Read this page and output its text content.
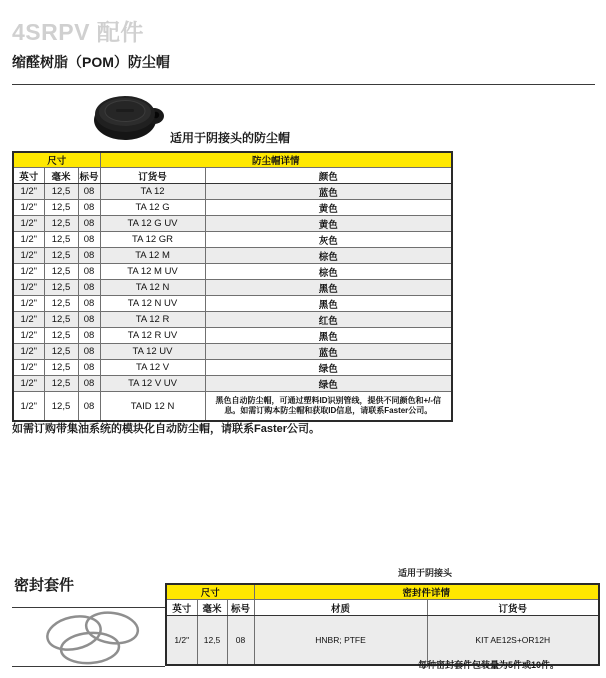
4SRPV 配件
缩醛树脂（POM）防尘帽
适用于阴接头的防尘帽
尺寸			防尘帽详情	
英寸	毫米	标号	订货号	颜色
1/2"	12,5	08	TA 12	蓝色
1/2"	12,5	08	TA 12 G	黄色
1/2"	12,5	08	TA 12 G UV	黄色
1/2"	12,5	08	TA 12 GR	灰色
1/2"	12,5	08	TA 12 M	棕色
1/2"	12,5	08	TA 12 M UV	棕色
1/2"	12,5	08	TA 12 N	黑色
1/2"	12,5	08	TA 12 N UV	黑色
1/2"	12,5	08	TA 12 R	红色
1/2"	12,5	08	TA 12 R UV	黑色
1/2"	12,5	08	TA 12 UV	蓝色
1/2"	12,5	08	TA 12 V	绿色
1/2"	12,5	08	TA 12 V UV	绿色
1/2"	12,5	08	TAID 12 N	黑色自动防尘帽，可通过塑料ID识别管线，提供不同颜色和+/-信息。如需订购本防尘帽和获取ID信息，请联系Faster公司。
如需订购带集油系统的模块化自动防尘帽，请联系Faster公司。
密封套件
适用于阴接头
尺寸			密封件详情	
英寸	毫米	标号	材质	订货号
1/2"	12,5	08	HNBR; PTFE	KIT AE12S+OR12H
每种密封套件包装量为5件或10件。
